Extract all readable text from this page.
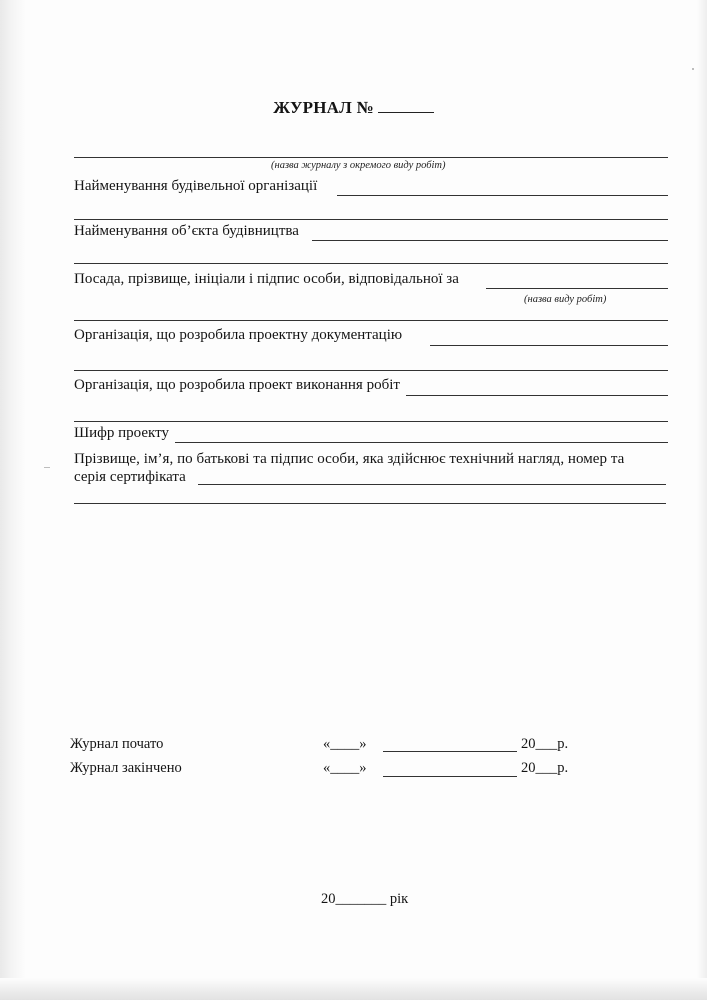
ЖУРНАЛ №
(назва журналу з окремого виду робіт)
Найменування будівельної організації
Найменування об’єкта будівництва
Посада, прізвище, ініціали і підпис особи, відповідальної за
(назва виду робіт)
Організація, що розробила проектну документацію
Організація, що розробила проект виконання робіт
Шифр проекту
Прізвище, ім’я, по батькові та підпис особи, яка здійснює технічний нагляд, номер та
серія сертифіката
Журнал почато	«____»	20___р.
Журнал закінчено	«____»	20___р.
20_______ рік
